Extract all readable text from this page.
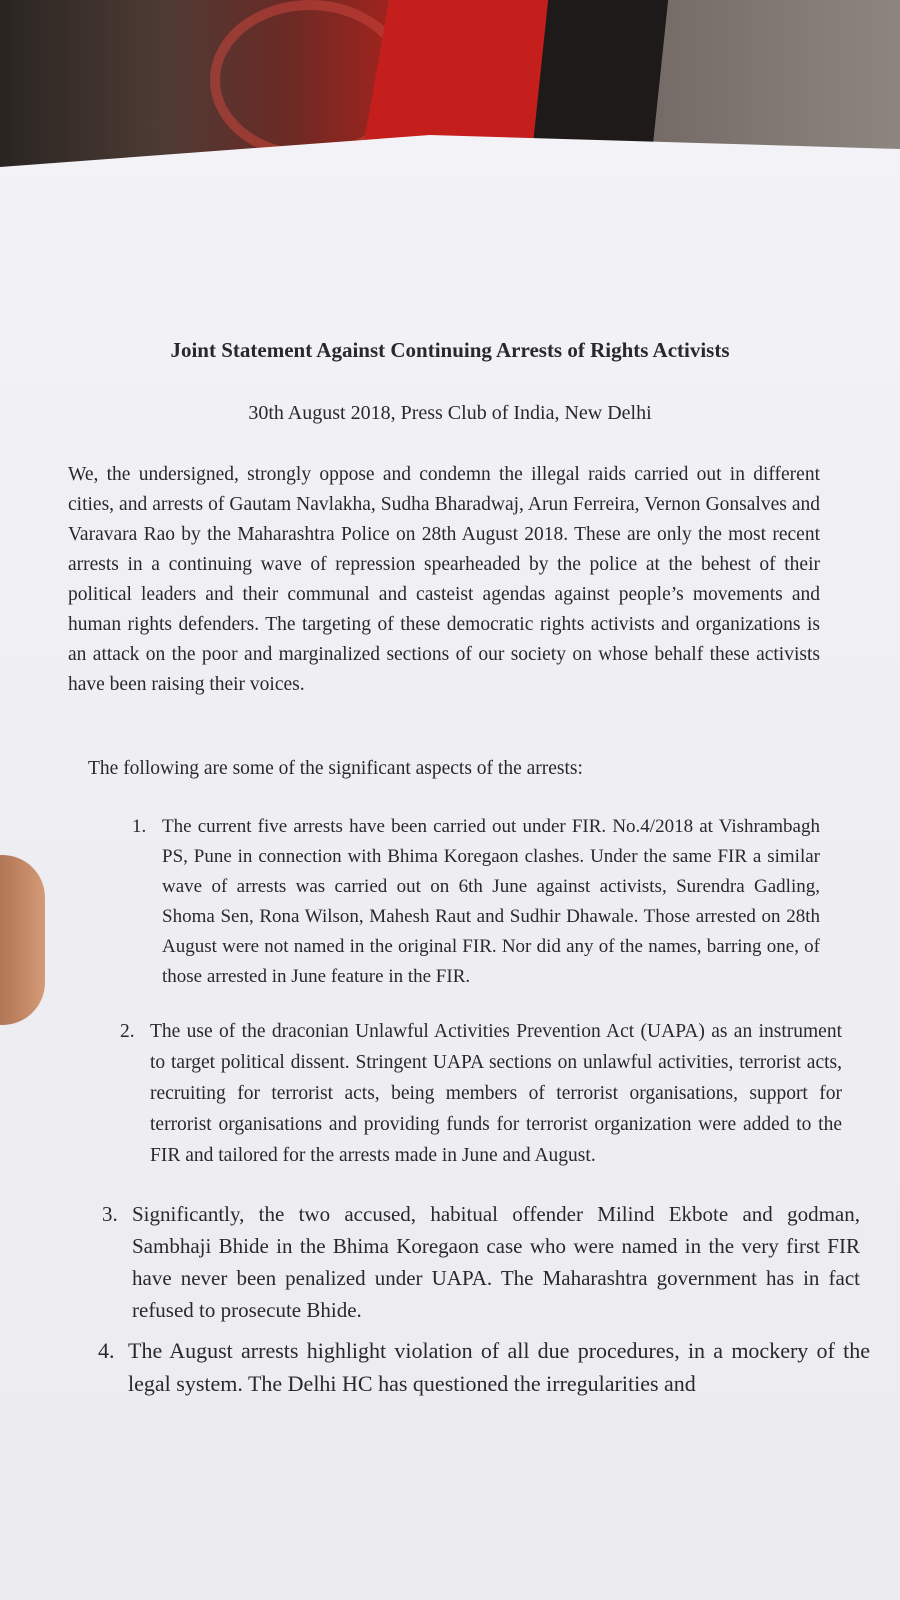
Joint Statement Against Continuing Arrests of Rights Activists

30th August 2018, Press Club of India, New Delhi

We, the undersigned, strongly oppose and condemn the illegal raids carried out in different cities, and arrests of Gautam Navlakha, Sudha Bharadwaj, Arun Ferreira, Vernon Gonsalves and Varavara Rao by the Maharashtra Police on 28th August 2018. These are only the most recent arrests in a continuing wave of repression spearheaded by the police at the behest of their political leaders and their communal and casteist agendas against people’s movements and human rights defenders. The targeting of these democratic rights activists and organizations is an attack on the poor and marginalized sections of our society on whose behalf these activists have been raising their voices.

The following are some of the significant aspects of the arrests:

1. The current five arrests have been carried out under FIR. No.4/2018 at Vishrambagh PS, Pune in connection with Bhima Koregaon clashes. Under the same FIR a similar wave of arrests was carried out on 6th June against activists, Surendra Gadling, Shoma Sen, Rona Wilson, Mahesh Raut and Sudhir Dhawale. Those arrested on 28th August were not named in the original FIR. Nor did any of the names, barring one, of those arrested in June feature in the FIR.
2. The use of the draconian Unlawful Activities Prevention Act (UAPA) as an instrument to target political dissent. Stringent UAPA sections on unlawful activities, terrorist acts, recruiting for terrorist acts, being members of terrorist organisations, support for terrorist organisations and providing funds for terrorist organization were added to the FIR and tailored for the arrests made in June and August.
3. Significantly, the two accused, habitual offender Milind Ekbote and godman, Sambhaji Bhide in the Bhima Koregaon case who were named in the very first FIR have never been penalized under UAPA. The Maharashtra government has in fact refused to prosecute Bhide.
4. The August arrests highlight violation of all due procedures, in a mockery of the legal system. The Delhi HC has questioned the irregularities and
